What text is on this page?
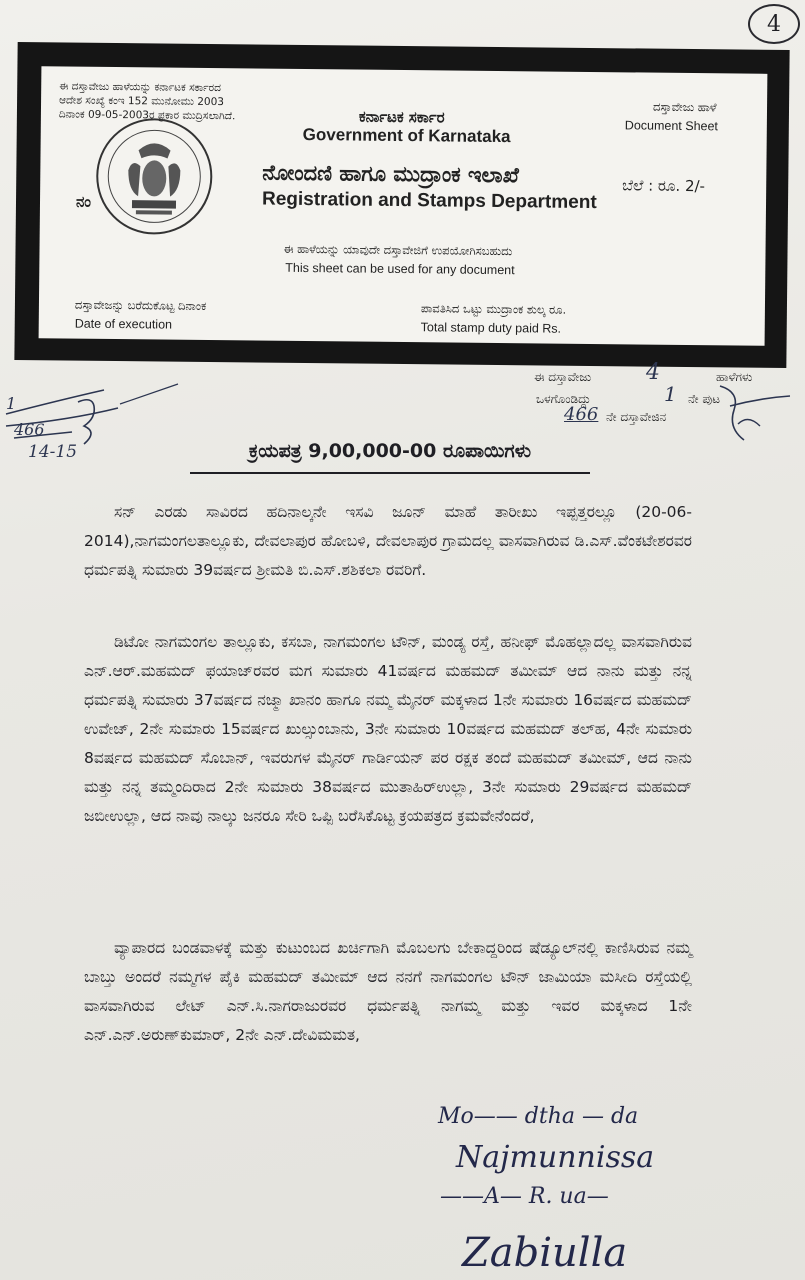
4
ಈ ದಸ್ತಾವೇಜು ಹಾಳೆಯನ್ನು ಕರ್ನಾಟಕ ಸರ್ಕಾರದ
ಆದೇಶ ಸಂಖ್ಯೆ ಕಂಇ 152 ಮುನೋಮು 2003
ದಿನಾಂಕ 09-05-2003ರ ಪ್ರಕಾರ ಮುದ್ರಿಸಲಾಗಿದೆ.	ಕರ್ನಾಟಕ ಸರ್ಕಾರ
Government of Karnataka
ದಸ್ತಾವೇಜು ಹಾಳೆ
Document Sheet
ನಂ
ನೋಂದಣಿ ಹಾಗೂ ಮುದ್ರಾಂಕ ಇಲಾಖೆ
Registration and Stamps Department
ಬೆಲೆ : ರೂ. 2/-
ಈ ಹಾಳೆಯನ್ನು ಯಾವುದೇ ದಸ್ತಾವೇಜಿಗೆ ಉಪಯೋಗಿಸಬಹುದು
This sheet can be used for any document
ದಸ್ತಾವೇಜನ್ನು ಬರೆದುಕೊಟ್ಟ ದಿನಾಂಕ
Date of execution
ಪಾವತಿಸಿದ ಒಟ್ಟು ಮುದ್ರಾಂಕ ಶುಲ್ಕ ರೂ.
Total stamp duty paid Rs.
1
466
14-15
ಈ ದಸ್ತಾವೇಜು 4	ಹಾಳೆಗಳು
ಒಳಗೊಂಡಿದ್ದು	1 ನೇ ಪುಟ
466 ನೇ ದಸ್ತಾವೇಜಿನ
ಕ್ರಯಪತ್ರ 9,00,000-00 ರೂಪಾಯಿಗಳು

ಸನ್ ಎರಡು ಸಾವಿರದ ಹದಿನಾಲ್ಕನೇ ಇಸವಿ ಜೂನ್ ಮಾಹೆ ತಾರೀಖು ಇಪ್ಪತ್ತರಲ್ಲೂ (20-06-2014),ನಾಗಮಂಗಲತಾಲ್ಲೂಕು, ದೇವಲಾಪುರ ಹೋಬಳಿ, ದೇವಲಾಪುರ ಗ್ರಾಮದಲ್ಲ ವಾಸವಾಗಿರುವ ಡಿ.ಎಸ್.ವೆಂಕಟೇಶರವರ ಧರ್ಮಪತ್ನಿ ಸುಮಾರು 39ವರ್ಷದ ಶ್ರೀಮತಿ ಬಿ.ಎಸ್.ಶಶಿಕಲಾ ರವರಿಗೆ.

ಡಿಟೋ ನಾಗಮಂಗಲ ತಾಲ್ಲೂಕು, ಕಸಬಾ, ನಾಗಮಂಗಲ ಟೌನ್, ಮಂಡ್ಯ ರಸ್ತೆ, ಹನೀಫ್ ಮೊಹಲ್ಲಾದಲ್ಲ ವಾಸವಾಗಿರುವ ಎನ್.ಆರ್.ಮಹಮದ್ ಫಯಾಜ್‌ರವರ ಮಗ ಸುಮಾರು 41ವರ್ಷದ ಮಹಮದ್ ತಮೀಮ್ ಆದ ನಾನು ಮತ್ತು ನನ್ನ ಧರ್ಮಪತ್ನಿ ಸುಮಾರು 37ವರ್ಷದ ನಜ್ಮಾ ಖಾನಂ ಹಾಗೂ ನಮ್ಮ ಮೈನರ್ ಮಕ್ಕಳಾದ 1ನೇ ಸುಮಾರು 16ವರ್ಷದ ಮಹಮದ್ ಉವೇಜ್, 2ನೇ ಸುಮಾರು 15ವರ್ಷದ ಖುಲ್ಸುಂಬಾನು, 3ನೇ ಸುಮಾರು 10ವರ್ಷದ ಮಹಮದ್ ತಲ್‌ಹ, 4ನೇ ಸುಮಾರು 8ವರ್ಷದ ಮಹಮದ್ ಸೊಬಾನ್, ಇವರುಗಳ ಮೈನರ್ ಗಾರ್ಡಿಯನ್ ಪರ ರಕ್ಷಕ ತಂದೆ ಮಹಮದ್ ತಮೀಮ್, ಆದ ನಾನು ಮತ್ತು ನನ್ನ ತಮ್ಮಂದಿರಾದ 2ನೇ ಸುಮಾರು 38ವರ್ಷದ ಮುತಾಹಿರ್‌ಉಲ್ಲಾ, 3ನೇ ಸುಮಾರು 29ವರ್ಷದ ಮಹಮದ್ ಜಬೀಉಲ್ಲಾ, ಆದ ನಾವು ನಾಲ್ಕು ಜನರೂ ಸೇರಿ ಒಪ್ಪಿ ಬರೆಸಿಕೊಟ್ಟ ಕ್ರಯಪತ್ರದ ಕ್ರಮವೇನೆಂದರೆ,

ವ್ಯಾಪಾರದ ಬಂಡವಾಳಕ್ಕೆ ಮತ್ತು ಕುಟುಂಬದ ಖರ್ಚಿಗಾಗಿ ಮೊಬಲಗು ಬೇಕಾದ್ದರಿಂದ ಷೆಡ್ಯೂಲ್‌ನಲ್ಲಿ ಕಾಣಿಸಿರುವ ನಮ್ಮ ಬಾಬ್ತು ಅಂದರೆ ನಮ್ಮಗಳ ಪೈಕಿ ಮಹಮದ್ ತಮೀಮ್ ಆದ ನನಗೆ ನಾಗಮಂಗಲ ಟೌನ್ ಜಾಮಿಯಾ ಮಸೀದಿ ರಸ್ತೆಯಲ್ಲಿ ವಾಸವಾಗಿರುವ ಲೇಟ್ ಎನ್.ಸಿ.ನಾಗರಾಜುರವರ ಧರ್ಮಪತ್ನಿ ನಾಗಮ್ಮ ಮತ್ತು ಇವರ ಮಕ್ಕಳಾದ 1ನೇ ಎನ್.ಎನ್.ಅರುಣ್‌ಕುಮಾರ್, 2ನೇ ಎನ್.ದೇವಿಮಮತ,

Mo—— dtha — da
Najmunnissa
——A— R. ua—
Zabiulla
